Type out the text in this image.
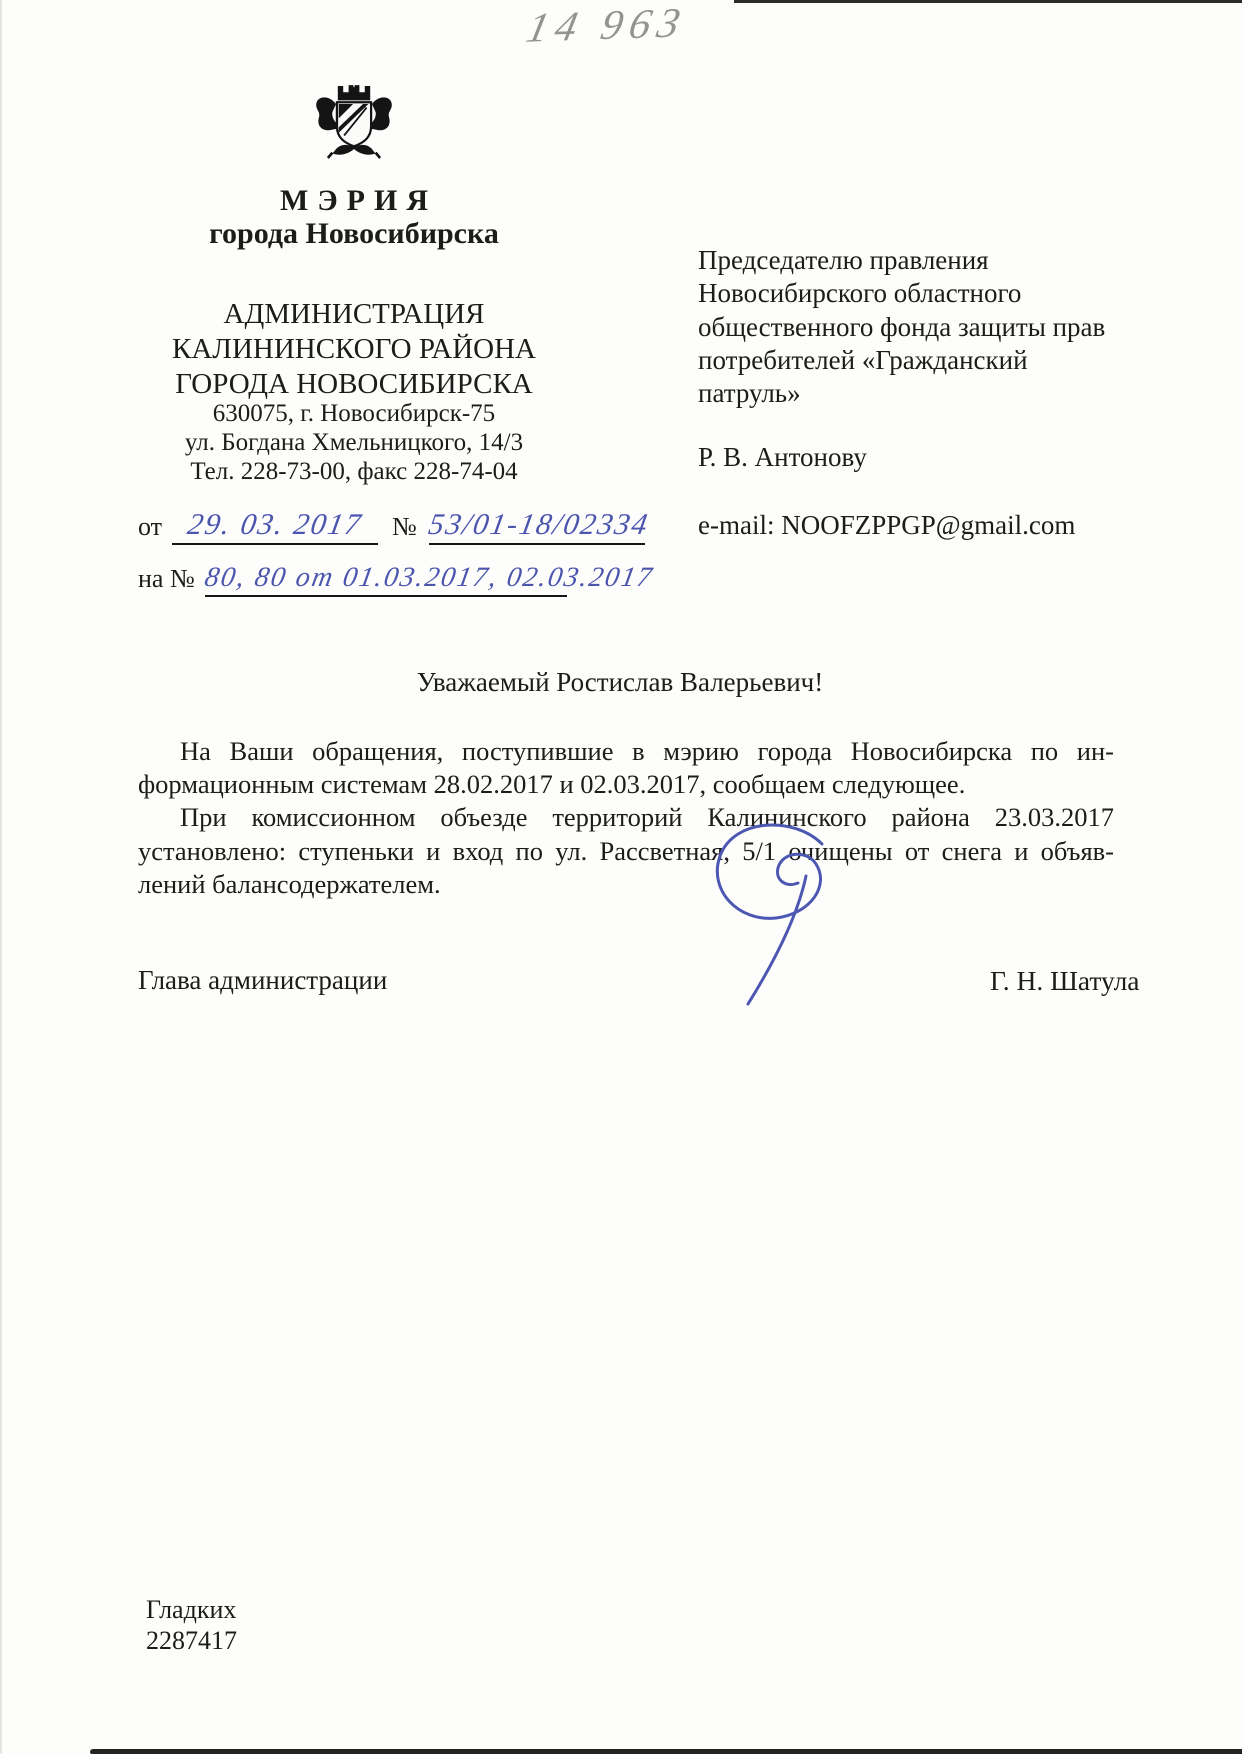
14 963
МЭРИЯ
города Новосибирска
АДМИНИСТРАЦИЯ
КАЛИНИНСКОГО РАЙОНА
ГОРОДА НОВОСИБИРСКА
630075, г. Новосибирск-75
ул. Богдана Хмельницкого, 14/3
Тел. 228-73-00, факс 228-74-04
от 29. 03. 2017	№ 53/01-18/02334
на № 80, 80 от 01.03.2017, 02.03.2017
Председателю правления
Новосибирского областного
общественного фонда защиты прав
потребителей «Гражданский
патруль»
Р. В. Антонову
e-mail: NOOFZPPGP@gmail.com
Уважаемый Ростислав Валерьевич!
На Ваши обращения, поступившие в мэрию города Новосибирска по ин-
формационным системам 28.02.2017 и 02.03.2017, сообщаем следующее.
При комиссионном объезде территорий Калининского района 23.03.2017
установлено: ступеньки и вход по ул. Рассветная, 5/1 очищены от снега и объяв-
лений балансодержателем.
Глава администрации	Г. Н. Шатула
Гладких
2287417
